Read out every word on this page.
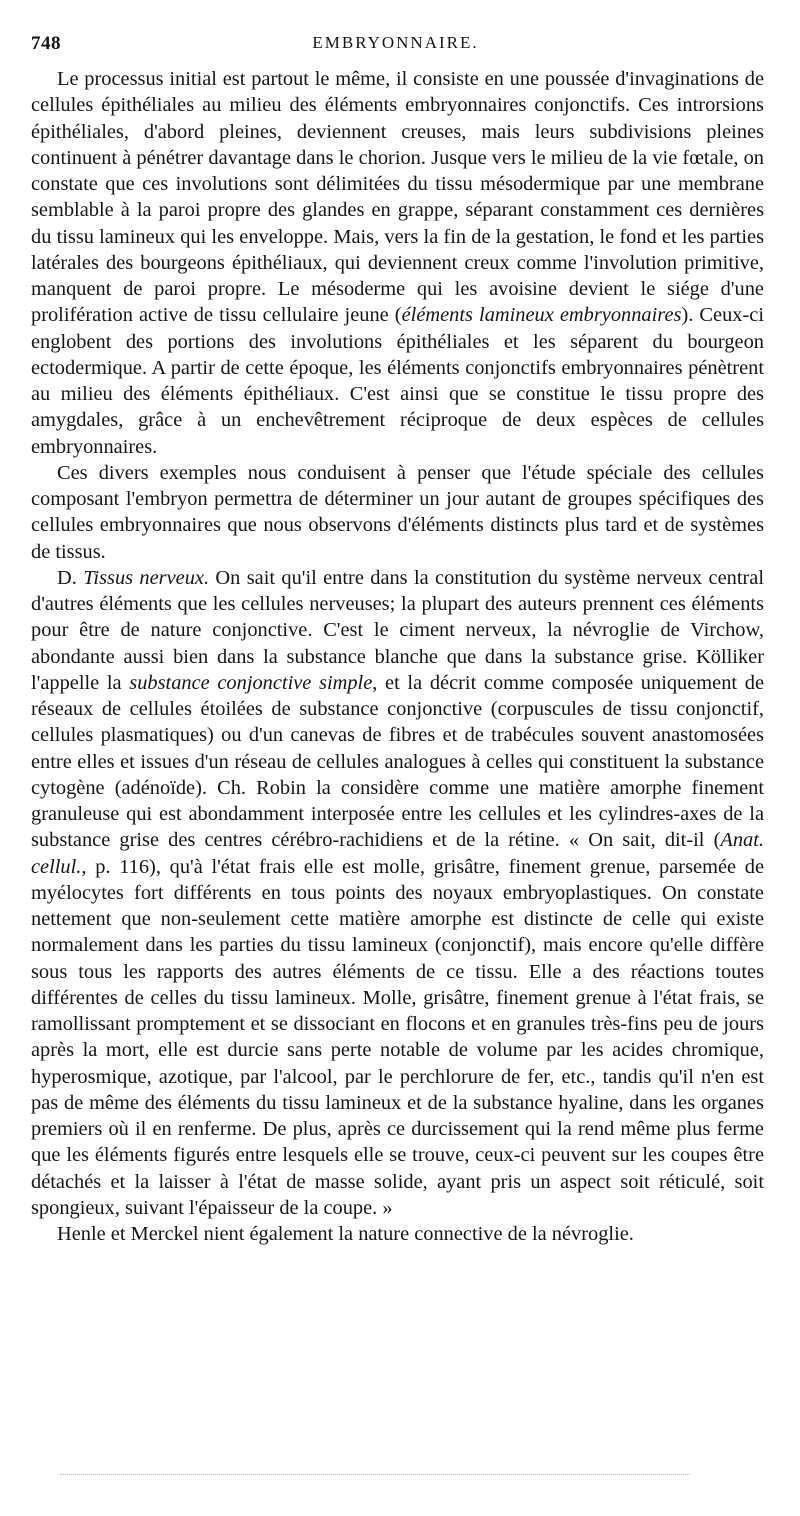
748	EMBRYONNAIRE.

Le processus initial est partout le même, il consiste en une poussée d'invaginations de cellules épithéliales au milieu des éléments embryonnaires conjonctifs. Ces introrsions épithéliales, d'abord pleines, deviennent creuses, mais leurs subdivisions pleines continuent à pénétrer davantage dans le chorion. Jusque vers le milieu de la vie fœtale, on constate que ces involutions sont délimitées du tissu mésodermique par une membrane semblable à la paroi propre des glandes en grappe, séparant constamment ces dernières du tissu lamineux qui les enveloppe. Mais, vers la fin de la gestation, le fond et les parties latérales des bourgeons épithéliaux, qui deviennent creux comme l'involution primitive, manquent de paroi propre. Le mésoderme qui les avoisine devient le siége d'une prolifération active de tissu cellulaire jeune (éléments lamineux embryonnaires). Ceux-ci englobent des portions des involutions épithéliales et les séparent du bourgeon ectodermique. A partir de cette époque, les éléments conjonctifs embryonnaires pénètrent au milieu des éléments épithéliaux. C'est ainsi que se constitue le tissu propre des amygdales, grâce à un enchevêtrement réciproque de deux espèces de cellules embryonnaires.

Ces divers exemples nous conduisent à penser que l'étude spéciale des cellules composant l'embryon permettra de déterminer un jour autant de groupes spécifiques des cellules embryonnaires que nous observons d'éléments distincts plus tard et de systèmes de tissus.

D. Tissus nerveux. On sait qu'il entre dans la constitution du système nerveux central d'autres éléments que les cellules nerveuses; la plupart des auteurs prennent ces éléments pour être de nature conjonctive. C'est le ciment nerveux, la névroglie de Virchow, abondante aussi bien dans la substance blanche que dans la substance grise. Kölliker l'appelle la substance conjonctive simple, et la décrit comme composée uniquement de réseaux de cellules étoilées de substance conjonctive (corpuscules de tissu conjonctif, cellules plasmatiques) ou d'un canevas de fibres et de trabécules souvent anastomosées entre elles et issues d'un réseau de cellules analogues à celles qui constituent la substance cytogène (adénoïde). Ch. Robin la considère comme une matière amorphe finement granuleuse qui est abondamment interposée entre les cellules et les cylindres-axes de la substance grise des centres cérébro-rachidiens et de la rétine. « On sait, dit-il (Anat. cellul., p. 116), qu'à l'état frais elle est molle, grisâtre, finement grenue, parsemée de myélocytes fort différents en tous points des noyaux embryoplastiques. On constate nettement que non-seulement cette matière amorphe est distincte de celle qui existe normalement dans les parties du tissu lamineux (conjonctif), mais encore qu'elle diffère sous tous les rapports des autres éléments de ce tissu. Elle a des réactions toutes différentes de celles du tissu lamineux. Molle, grisâtre, finement grenue à l'état frais, se ramollissant promptement et se dissociant en flocons et en granules très-fins peu de jours après la mort, elle est durcie sans perte notable de volume par les acides chromique, hyperosmique, azotique, par l'alcool, par le perchlorure de fer, etc., tandis qu'il n'en est pas de même des éléments du tissu lamineux et de la substance hyaline, dans les organes premiers où il en renferme. De plus, après ce durcissement qui la rend même plus ferme que les éléments figurés entre lesquels elle se trouve, ceux-ci peuvent sur les coupes être détachés et la laisser à l'état de masse solide, ayant pris un aspect soit réticulé, soit spongieux, suivant l'épaisseur de la coupe. »

Henle et Merckel nient également la nature connective de la névroglie.
